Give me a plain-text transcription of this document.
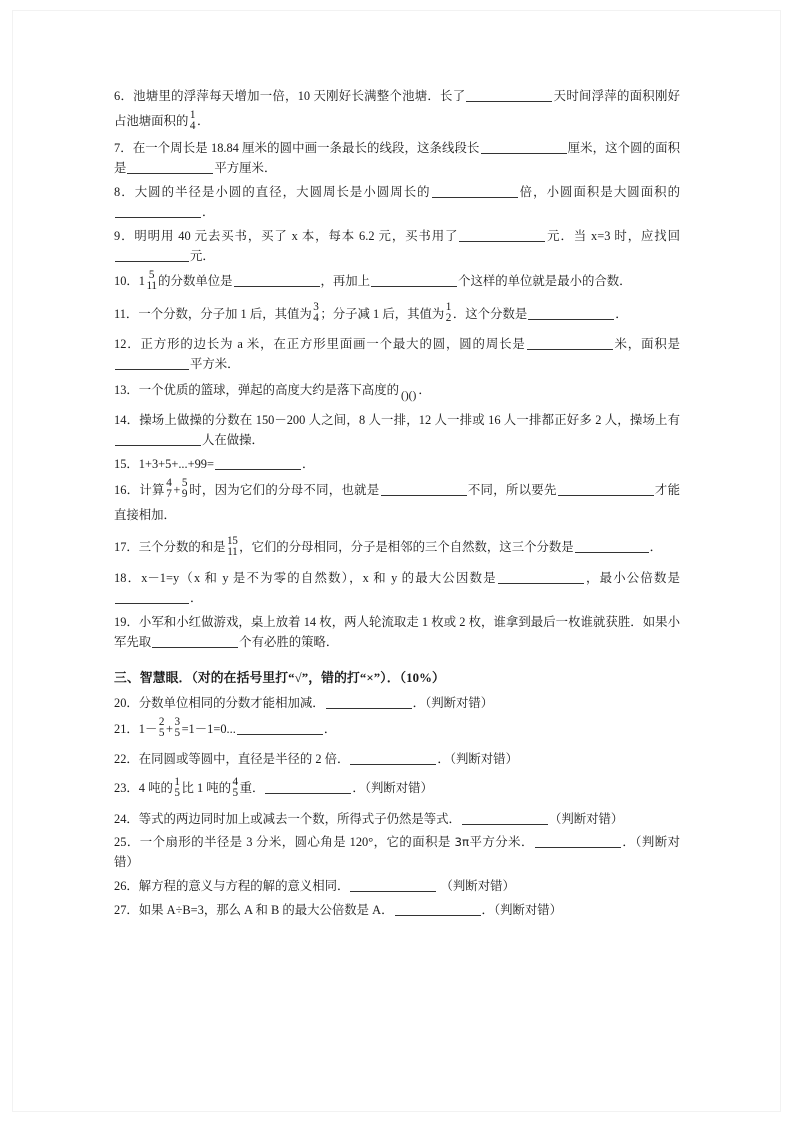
6．池塘里的浮萍每天增加一倍，10 天刚好长满整个池塘．长了	天时间浮萍的面积刚好占池塘面积的 1
4 ．

7．在一个周长是 18.84 厘米的圆中画一条最长的线段，这条线段长	厘米，这个圆的面积是	平方厘米．

8．大圆的半径是小圆的直径，大圆周长是小圆周长的	倍，小圆面积是大圆面积的．

9．明明用 40 元去买书，买了 x 本，每本 6.2 元，买书用了	元．当 x=3 时，应找回元．

10．1 5
11 的分数单位是	，再加上	个这样的单位就是最小的合数．

11．一个分数，分子加 1 后，其值为 3
4 ；分子减 1 后，其值为 1
2 ．这个分数是	．

12．正方形的边长为 a 米，在正方形里面画一个最大的圆，圆的周长是	米，面积是平方米．

13．一个优质的篮球，弹起的高度大约是落下高度的 ()() ．

14．操场上做操的分数在 150－200 人之间，8 人一排，12 人一排或 16 人一排都正好多 2 人，操场上有人在做操．

15．1+3+5+...+99=	．

16．计算 4
7 + 5
9 时，因为它们的分母不同，也就是	不同，所以要先	才能直接相加．

17．三个分数的和是 15
11 ，它们的分母相同，分子是相邻的三个自然数，这三个分数是	．

18．x－1=y（x 和 y 是不为零的自然数），x 和 y 的最大公因数是	，最小公倍数是．

19．小军和小红做游戏，桌上放着 14 枚，两人轮流取走 1 枚或 2 枚，谁拿到最后一枚谁就获胜．如果小军先取	个有必胜的策略．

三、智慧眼．（对的在括号里打“√”，错的打“×”）．（10%）

20．分数单位相同的分数才能相加减．	．（判断对错）

21．1－ 2
5 + 3
5 =1－1=0...	．

22．在同圆或等圆中，直径是半径的 2 倍．	．（判断对错）

23．4 吨的 1
5 比 1 吨的 4
5 重．	．（判断对错）

24．等式的两边同时加上或减去一个数，所得式子仍然是等式．	（判断对错）

25．一个扇形的半径是 3 分米，圆心角是 120°，它的面积是 3π平方分米．	．（判断对错）

26．解方程的意义与方程的解的意义相同．	（判断对错）

27．如果 A÷B=3，那么 A 和 B 的最大公倍数是 A．	．（判断对错）
